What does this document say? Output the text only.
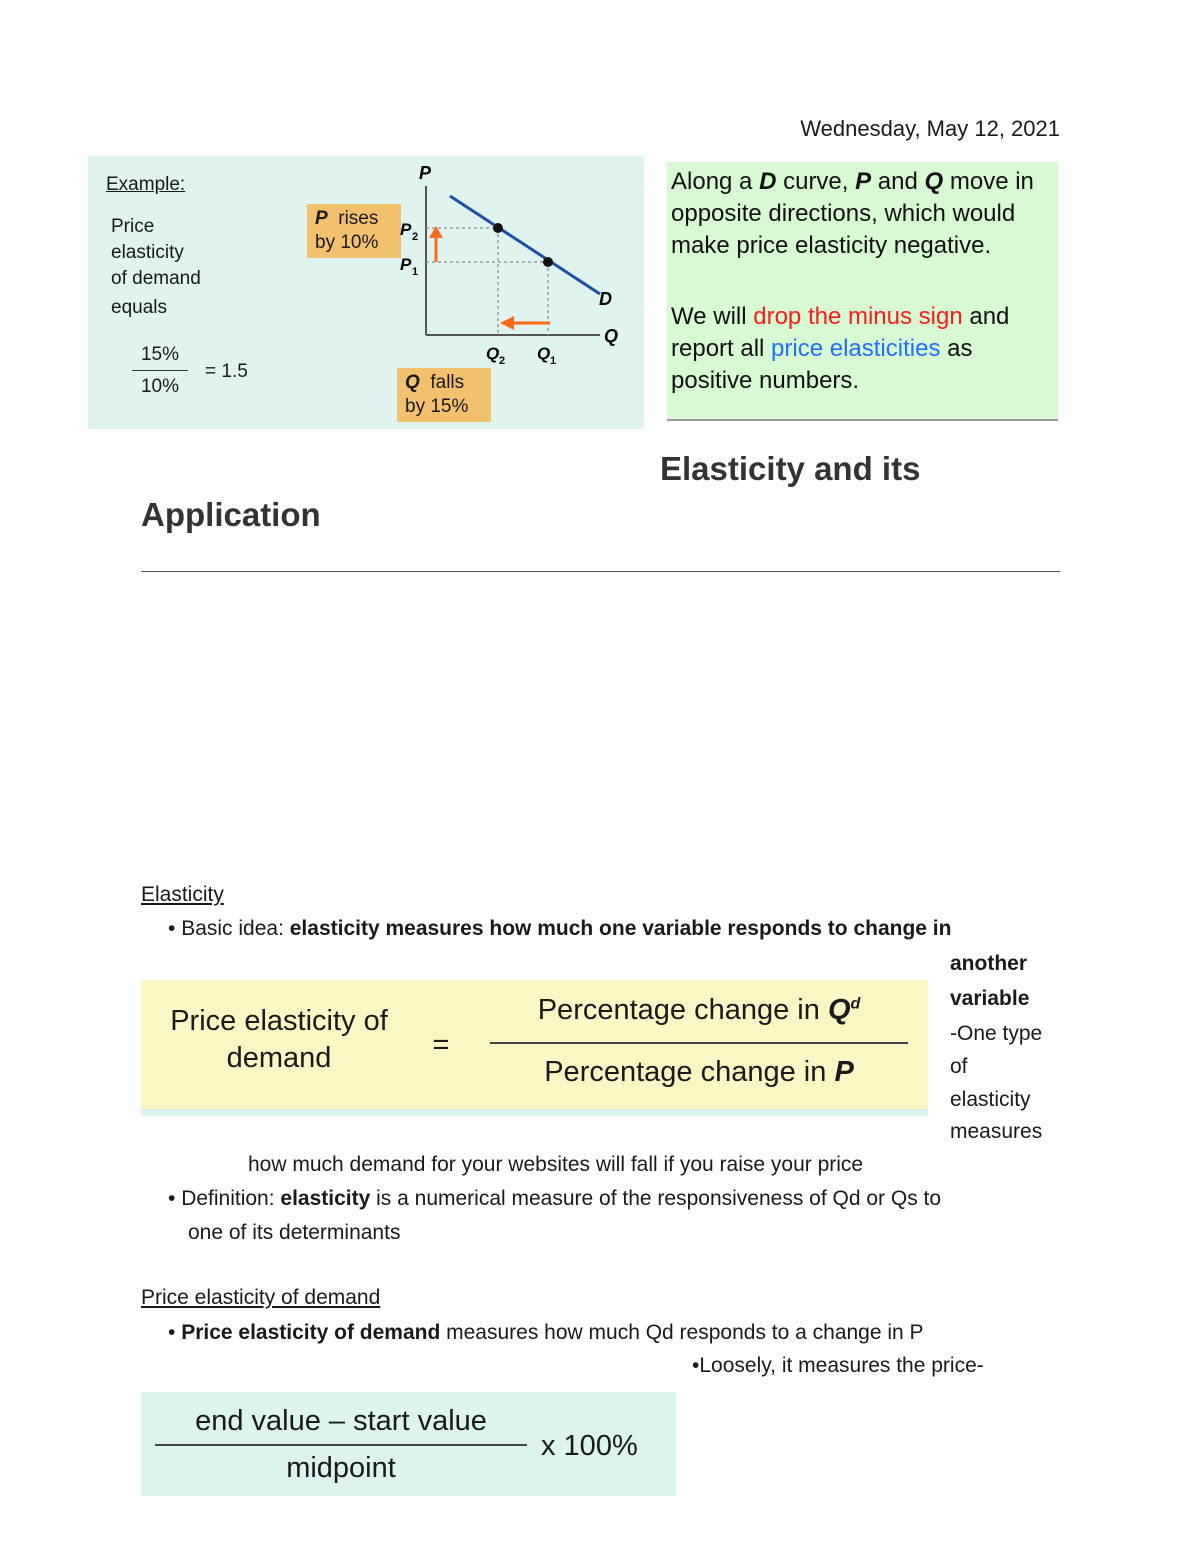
Wednesday, May 12, 2021
Example:
Price
elasticity
of demand
equals
15%
10%
= 1.5
P rises
by 10%
Q falls
by 15%
P
Q
D
P 2
P 1
Q 2 Q 1
Along a D curve, P and Q move in opposite directions, which would make price elasticity negative.
We will drop the minus sign and report all price elasticities as positive numbers.
Elasticity and its
Application
Elasticity
• Basic idea: elasticity measures how much one variable responds to change in
another
variable
-One type
of
elasticity
measures
Price elasticity of
demand	=
Percentage change in $Q^d$
Percentage change in P
how much demand for your websites will fall if you raise your price
• Definition: elasticity is a numerical measure of the responsiveness of Qd or Qs to
one of its determinants
Price elasticity of demand
• Price elasticity of demand measures how much Qd responds to a change in P
•Loosely, it measures the price-
end value – start value
midpoint
x 100%
